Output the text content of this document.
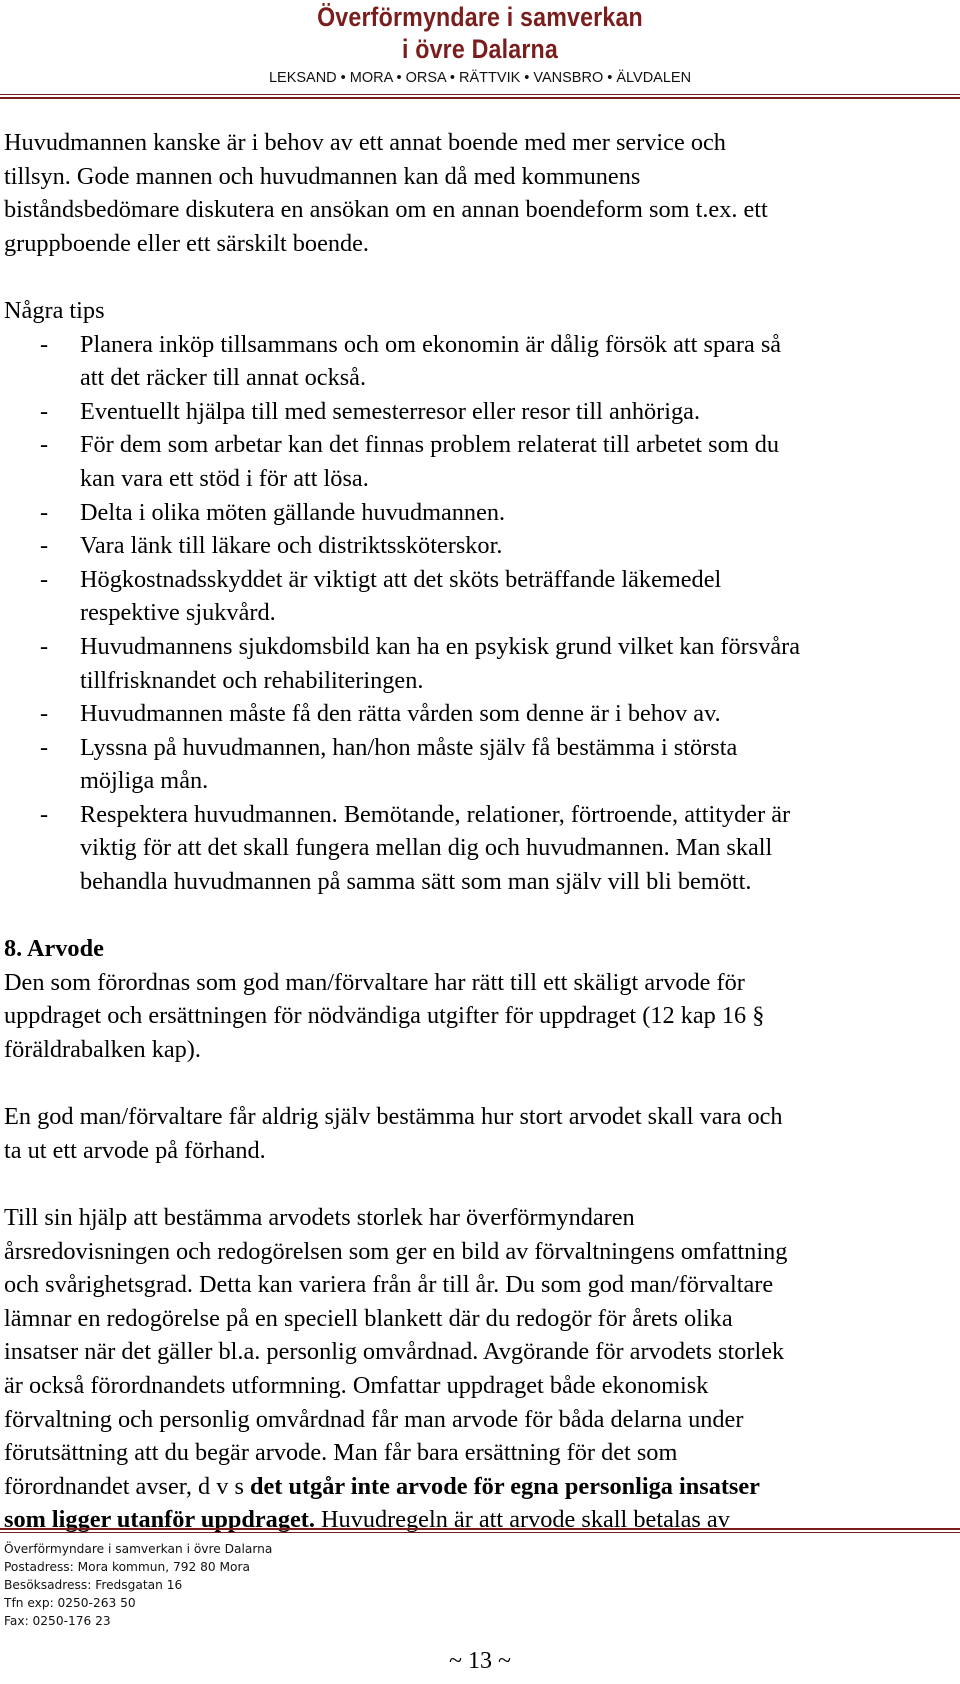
Överförmyndare i samverkan
i övre Dalarna
LEKSAND • MORA • ORSA • RÄTTVIK • VANSBRO • ÄLVDALEN

Huvudmannen kanske är i behov av ett annat boende med mer service och
tillsyn. Gode mannen och huvudmannen kan då med kommunens
biståndsbedömare diskutera en ansökan om en annan boendeform som t.ex. ett
gruppboende eller ett särskilt boende.

Några tips

- Planera inköp tillsammans och om ekonomin är dålig försök att spara så
att det räcker till annat också.
- Eventuellt hjälpa till med semesterresor eller resor till anhöriga.
- För dem som arbetar kan det finnas problem relaterat till arbetet som du
kan vara ett stöd i för att lösa.
- Delta i olika möten gällande huvudmannen.
- Vara länk till läkare och distriktssköterskor.
- Högkostnadsskyddet är viktigt att det sköts beträffande läkemedel
respektive sjukvård.
- Huvudmannens sjukdomsbild kan ha en psykisk grund vilket kan försvåra
tillfrisknandet och rehabiliteringen.
- Huvudmannen måste få den rätta vården som denne är i behov av.
- Lyssna på huvudmannen, han/hon måste själv få bestämma i största
möjliga mån.
- Respektera huvudmannen. Bemötande, relationer, förtroende, attityder är
viktig för att det skall fungera mellan dig och huvudmannen. Man skall
behandla huvudmannen på samma sätt som man själv vill bli bemött.

8. Arvode

Den som förordnas som god man/förvaltare har rätt till ett skäligt arvode för
uppdraget och ersättningen för nödvändiga utgifter för uppdraget (12 kap 16 §
föräldrabalken kap).

En god man/förvaltare får aldrig själv bestämma hur stort arvodet skall vara och
ta ut ett arvode på förhand.

Till sin hjälp att bestämma arvodets storlek har överförmyndaren
årsredovisningen och redogörelsen som ger en bild av förvaltningens omfattning
och svårighetsgrad. Detta kan variera från år till år. Du som god man/förvaltare
lämnar en redogörelse på en speciell blankett där du redogör för årets olika
insatser när det gäller bl.a. personlig omvårdnad. Avgörande för arvodets storlek
är också förordnandets utformning. Omfattar uppdraget både ekonomisk
förvaltning och personlig omvårdnad får man arvode för båda delarna under
förutsättning att du begär arvode. Man får bara ersättning för det som
förordnandet avser, d v s det utgår inte arvode för egna personliga insatser
som ligger utanför uppdraget. Huvudregeln är att arvode skall betalas av

Överförmyndare i samverkan i övre Dalarna
Postadress: Mora kommun, 792 80 Mora
Besöksadress: Fredsgatan 16
Tfn exp: 0250-263 50
Fax: 0250-176 23
~ 13 ~
